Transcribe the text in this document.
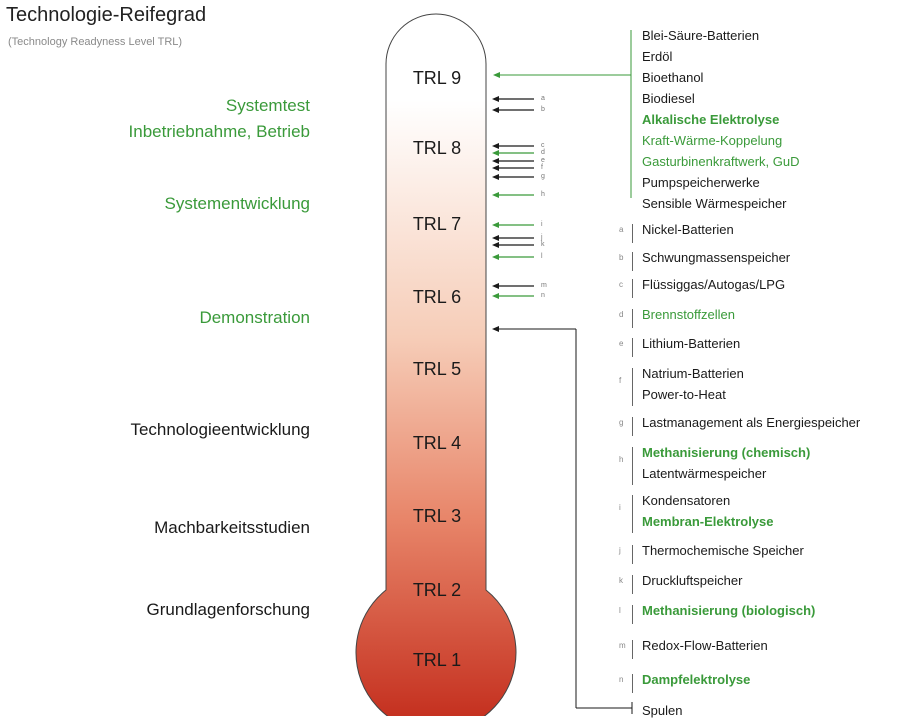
Technologie-Reifegrad
(Technology Readyness Level TRL)
Systemtest
Inbetriebnahme, Betrieb
Systementwicklung
Demonstration
Technologieentwicklung
Machbarkeitsstudien
Grundlagenforschung
TRL 9
TRL 8
TRL 7
TRL 6
TRL 5
TRL 4
TRL 3
TRL 2
TRL 1
a
b
c
d
e
f
g
h
i
j
k
l
m
n
Blei-Säure-Batterien
Erdöl
Bioethanol
Biodiesel
Alkalische Elektrolyse
Kraft-Wärme-Koppelung
Gasturbinenkraftwerk, GuD
Pumpspeicherwerke
Sensible Wärmespeicher
a Nickel-Batterien
b Schwungmassenspeicher
c Flüssiggas/Autogas/LPG
d Brennstoffzellen
e Lithium-Batterien
f Natrium-Batterien
Power-to-Heat
g Lastmanagement als Energiespeicher
h Methanisierung (chemisch)
Latentwärmespeicher
i Kondensatoren
Membran-Elektrolyse
j Thermochemische Speicher
k Druckluftspeicher
l Methanisierung (biologisch)
m Redox-Flow-Batterien
n Dampfelektrolyse
Spulen
